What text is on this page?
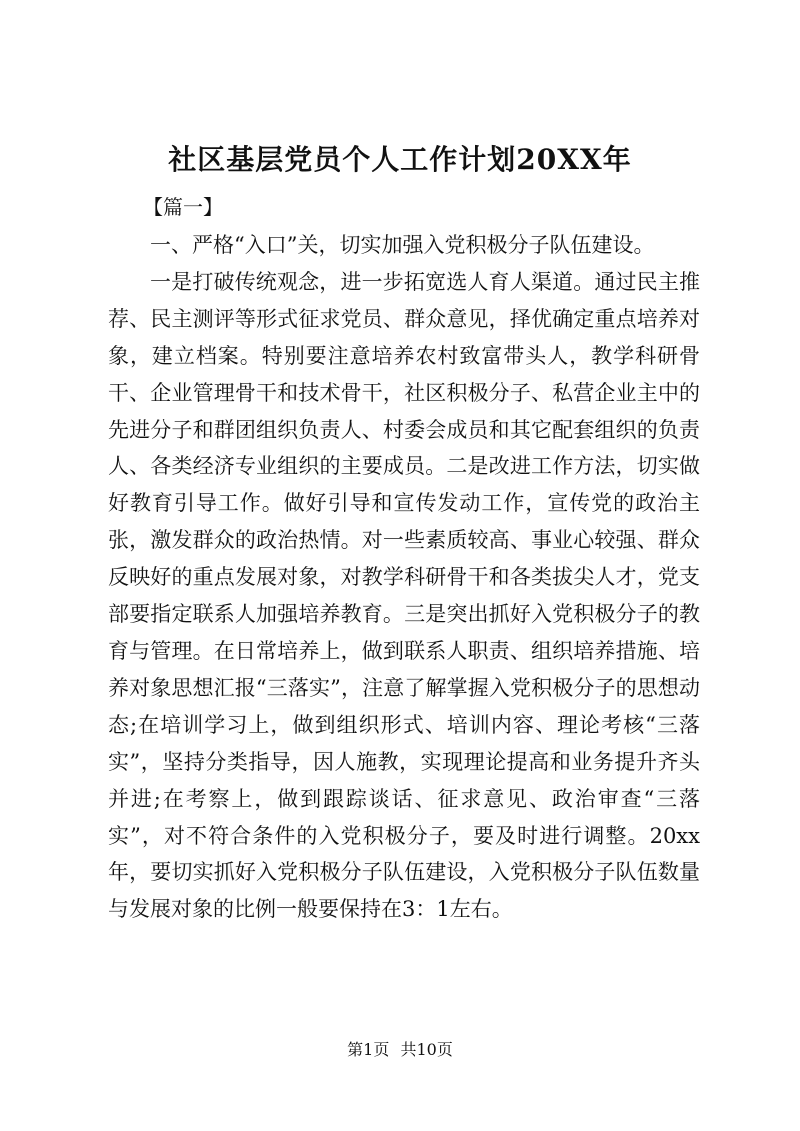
社区基层党员个人工作计划20XX年
【篇一】

一、严格“入口”关，切实加强入党积极分子队伍建设。

一是打破传统观念，进一步拓宽选人育人渠道。通过民主推荐、民主测评等形式征求党员、群众意见，择优确定重点培养对象，建立档案。特别要注意培养农村致富带头人，教学科研骨干、企业管理骨干和技术骨干，社区积极分子、私营企业主中的先进分子和群团组织负责人、村委会成员和其它配套组织的负责人、各类经济专业组织的主要成员。二是改进工作方法，切实做好教育引导工作。做好引导和宣传发动工作，宣传党的政治主张，激发群众的政治热情。对一些素质较高、事业心较强、群众反映好的重点发展对象，对教学科研骨干和各类拔尖人才，党支部要指定联系人加强培养教育。三是突出抓好入党积极分子的教育与管理。在日常培养上，做到联系人职责、组织培养措施、培养对象思想汇报“三落实”，注意了解掌握入党积极分子的思想动态;在培训学习上，做到组织形式、培训内容、理论考核“三落实”，坚持分类指导，因人施教，实现理论提高和业务提升齐头并进;在考察上，做到跟踪谈话、征求意见、政治审查“三落实”，对不符合条件的入党积极分子，要及时进行调整。20xx年，要切实抓好入党积极分子队伍建设，入党积极分子队伍数量与发展对象的比例一般要保持在3：1左右。

第1页 共10页
